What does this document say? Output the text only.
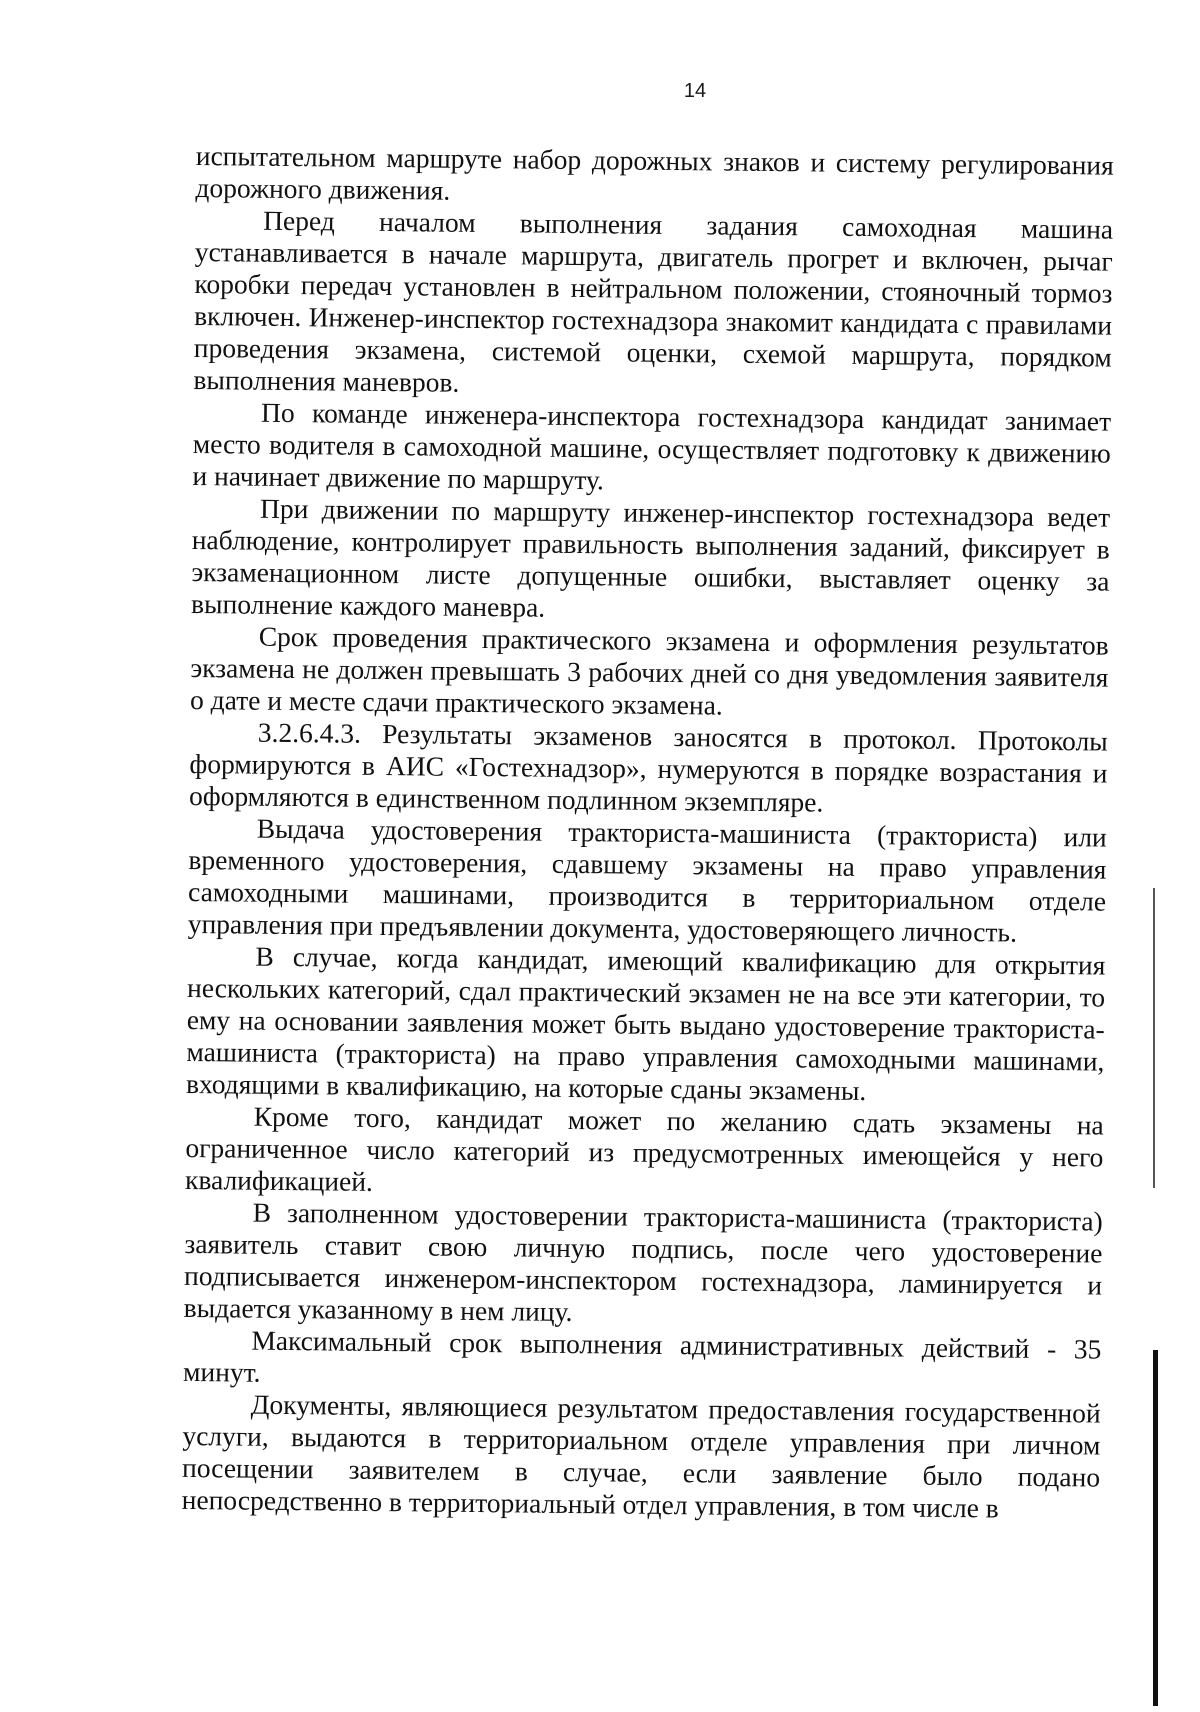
14

испытательном маршруте набор дорожных знаков и систему регулирования дорожного движения.

Перед началом выполнения задания самоходная машина устанавливается в начале маршрута, двигатель прогрет и включен, рычаг коробки передач установлен в нейтральном положении, стояночный тормоз включен. Инженер-инспектор гостехнадзора знакомит кандидата с правилами проведения экзамена, системой оценки, схемой маршрута, порядком выполнения маневров.

По команде инженера-инспектора гостехнадзора кандидат занимает место водителя в самоходной машине, осуществляет подготовку к движению и начинает движение по маршруту.

При движении по маршруту инженер-инспектор гостехнадзора ведет наблюдение, контролирует правильность выполнения заданий, фиксирует в экзаменационном листе допущенные ошибки, выставляет оценку за выполнение каждого маневра.

Срок проведения практического экзамена и оформления результатов экзамена не должен превышать 3 рабочих дней со дня уведомления заявителя о дате и месте сдачи практического экзамена.

3.2.6.4.3. Результаты экзаменов заносятся в протокол. Протоколы формируются в АИС «Гостехнадзор», нумеруются в порядке возрастания и оформляются в единственном подлинном экземпляре.

Выдача удостоверения тракториста-машиниста (тракториста) или временного удостоверения, сдавшему экзамены на право управления самоходными машинами, производится в территориальном отделе управления при предъявлении документа, удостоверяющего личность.

В случае, когда кандидат, имеющий квалификацию для открытия нескольких категорий, сдал практический экзамен не на все эти категории, то ему на основании заявления может быть выдано удостоверение тракториста-машиниста (тракториста) на право управления самоходными машинами, входящими в квалификацию, на которые сданы экзамены.

Кроме того, кандидат может по желанию сдать экзамены на ограниченное число категорий из предусмотренных имеющейся у него квалификацией.

В заполненном удостоверении тракториста-машиниста (тракториста) заявитель ставит свою личную подпись, после чего удостоверение подписывается инженером-инспектором гостехнадзора, ламинируется и выдается указанному в нем лицу.

Максимальный срок выполнения административных действий - 35 минут.

Документы, являющиеся результатом предоставления государственной услуги, выдаются в территориальном отделе управления при личном посещении заявителем в случае, если заявление было подано непосредственно в территориальный отдел управления, в том числе в
